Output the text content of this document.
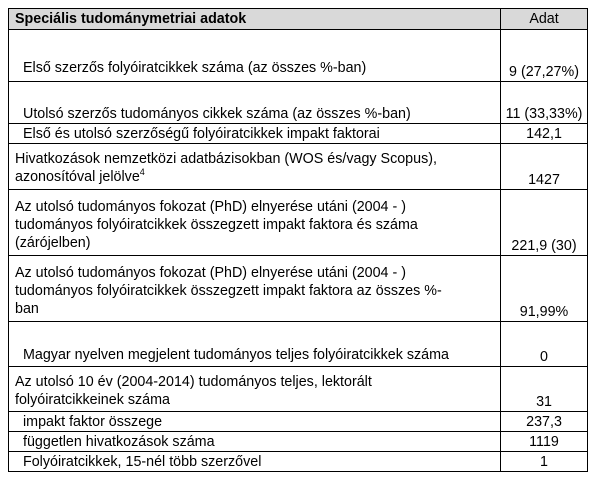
Speciális tudománymetriai adatok	Adat
Első szerzős folyóiratcikkek száma (az összes %-ban)	9 (27,27%)
Utolsó szerzős tudományos cikkek száma (az összes %-ban)	11 (33,33%)
Első és utolsó szerzőségű folyóiratcikkek impakt faktorai	142,1
Hivatkozások nemzetközi adatbázisokban (WOS és/vagy Scopus),
azonosítóval jelölve$^4$	1427
Az utolsó tudományos fokozat (PhD) elnyerése utáni (2004 - )
tudományos folyóiratcikkek összegzett impakt faktora és száma
(zárójelben)	221,9 (30)
Az utolsó tudományos fokozat (PhD) elnyerése utáni (2004 - )
tudományos folyóiratcikkek összegzett impakt faktora az összes %-
ban	91,99%
Magyar nyelven megjelent tudományos teljes folyóiratcikkek száma	0
Az utolsó 10 év (2004-2014) tudományos teljes, lektorált
folyóiratcikkeinek száma	31
impakt faktor összege	237,3
független hivatkozások száma	1119
Folyóiratcikkek, 15-nél több szerzővel	1
